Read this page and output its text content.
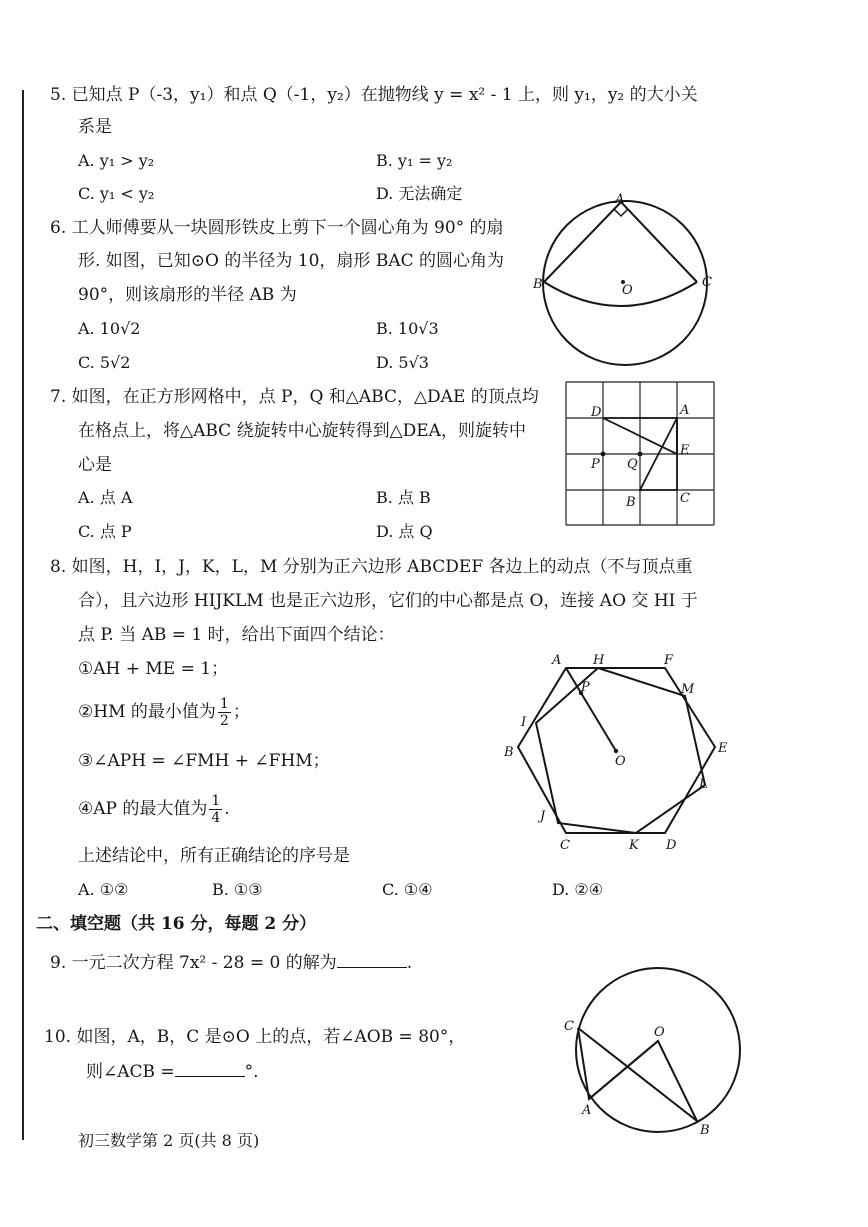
5. 已知点 P（-3，y₁）和点 Q（-1，y₂）在抛物线 y = x² - 1 上，则 y₁，y₂ 的大小关
系是
A. y₁ > y₂	B. y₁ = y₂
C. y₁ < y₂	D. 无法确定
6. 工人师傅要从一块圆形铁皮上剪下一个圆心角为 90° 的扇
形. 如图，已知⊙O 的半径为 10，扇形 BAC 的圆心角为
90°，则该扇形的半径 AB 为
A. 10√2	B. 10√3
C. 5√2	D. 5√3
A
B	C
O
7. 如图，在正方形网格中，点 P，Q 和△ABC，△DAE 的顶点均
在格点上，将△ABC 绕旋转中心旋转得到△DEA，则旋转中
心是
A. 点 A	B. 点 B
C. 点 P	D. 点 Q
D	A
P Q
E
B	C
8. 如图，H，I，J，K，L，M 分别为正六边形 ABCDEF 各边上的动点（不与顶点重
合），且六边形 HIJKLM 也是正六边形，它们的中心都是点 O，连接 AO 交 HI 于
点 P. 当 AB = 1 时，给出下面四个结论：
①AH + ME = 1；
②HM 的最小值为 $\frac{1}{2}$ ；
③∠APH = ∠FMH + ∠FHM；
④AP 的最大值为 $\frac{1}{4}$ .
上述结论中，所有正确结论的序号是
A. ①②	B. ①③	C. ①④	D. ②④
A H	F
P	M
I
B
O
E
L
J
C	K D
二、填空题（共 16 分，每题 2 分）
9. 一元二次方程 7x² - 28 = 0 的解为	.
10. 如图，A，B，C 是⊙O 上的点，若∠AOB = 80°，
则∠ACB =	°.
C	O
A
B
初三数学第 2 页(共 8 页)
